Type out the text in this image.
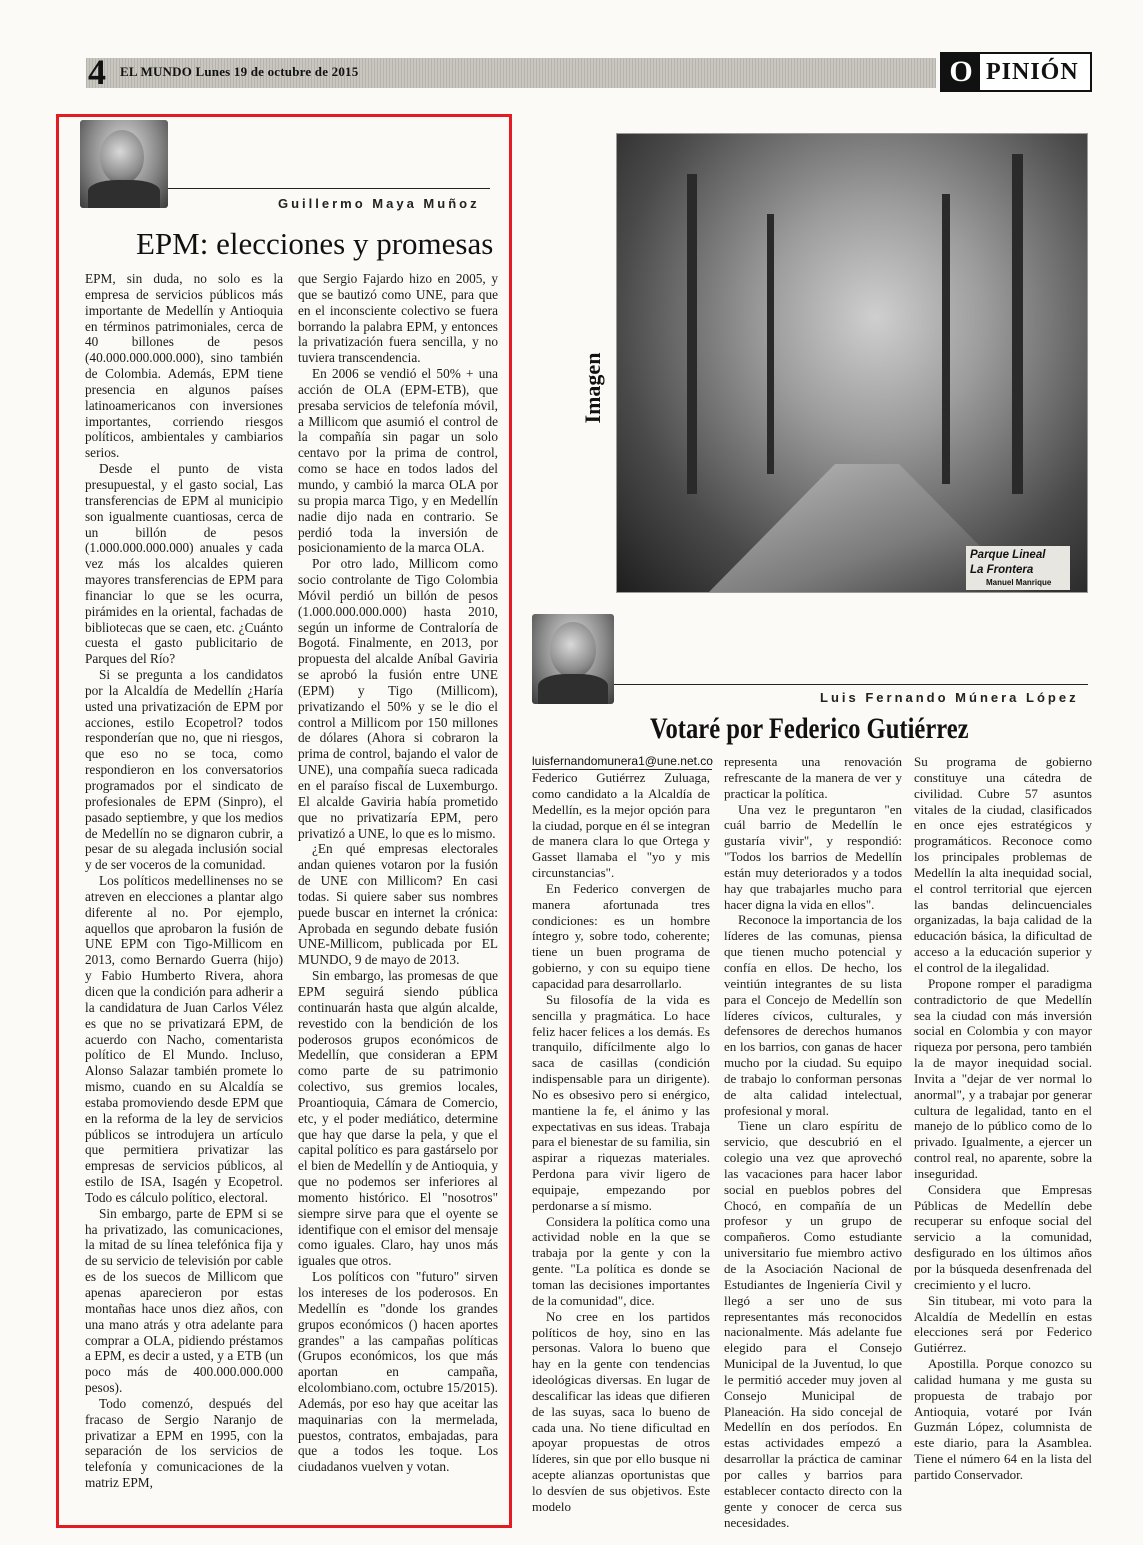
4 EL MUNDO Lunes 19 de octubre de 2015	O PINIÓN
Guillermo Maya Muñoz
EPM: elecciones y promesas

EPM, sin duda, no solo es la empresa de servicios públicos más importante de Medellín y Antioquia en términos patrimoniales, cerca de 40 billones de pesos (40.000.000.000.000), sino también de Colombia. Además, EPM tiene presencia en algunos países latinoamericanos con inversiones importantes, corriendo riesgos políticos, ambientales y cambiarios serios.

Desde el punto de vista presupuestal, y el gasto social, Las transferencias de EPM al municipio son igualmente cuantiosas, cerca de un billón de pesos (1.000.000.000.000) anuales y cada vez más los alcaldes quieren mayores transferencias de EPM para financiar lo que se les ocurra, pirámides en la oriental, fachadas de bibliotecas que se caen, etc. ¿Cuánto cuesta el gasto publicitario de Parques del Río?

Si se pregunta a los candidatos por la Alcaldía de Medellín ¿Haría usted una privatización de EPM por acciones, estilo Ecopetrol? todos responderían que no, que ni riesgos, que eso no se toca, como respondieron en los conversatorios programados por el sindicato de profesionales de EPM (Sinpro), el pasado septiembre, y que los medios de Medellín no se dignaron cubrir, a pesar de su alegada inclusión social y de ser voceros de la comunidad.

Los políticos medellinenses no se atreven en elecciones a plantar algo diferente al no. Por ejemplo, aquellos que aprobaron la fusión de UNE EPM con Tigo-Millicom en 2013, como Bernardo Guerra (hijo) y Fabio Humberto Rivera, ahora dicen que la condición para adherir a la candidatura de Juan Carlos Vélez es que no se privatizará EPM, de acuerdo con Nacho, comentarista político de El Mundo. Incluso, Alonso Salazar también promete lo mismo, cuando en su Alcaldía se estaba promoviendo desde EPM que en la reforma de la ley de servicios públicos se introdujera un artículo que permitiera privatizar las empresas de servicios públicos, al estilo de ISA, Isagén y Ecopetrol. Todo es cálculo político, electoral.

Sin embargo, parte de EPM si se ha privatizado, las comunicaciones, la mitad de su línea telefónica fija y de su servicio de televisión por cable es de los suecos de Millicom que apenas aparecieron por estas montañas hace unos diez años, con una mano atrás y otra adelante para comprar a OLA, pidiendo préstamos a EPM, es decir a usted, y a ETB (un poco más de 400.000.000.000 pesos).

Todo comenzó, después del fracaso de Sergio Naranjo de privatizar a EPM en 1995, con la separación de los servicios de telefonía y comunicaciones de la matriz EPM,

que Sergio Fajardo hizo en 2005, y que se bautizó como UNE, para que en el inconsciente colectivo se fuera borrando la palabra EPM, y entonces la privatización fuera sencilla, y no tuviera transcendencia.

En 2006 se vendió el 50% + una acción de OLA (EPM-ETB), que presaba servicios de telefonía móvil, a Millicom que asumió el control de la compañía sin pagar un solo centavo por la prima de control, como se hace en todos lados del mundo, y cambió la marca OLA por su propia marca Tigo, y en Medellín nadie dijo nada en contrario. Se perdió toda la inversión de posicionamiento de la marca OLA.

Por otro lado, Millicom como socio controlante de Tigo Colombia Móvil perdió un billón de pesos (1.000.000.000.000) hasta 2010, según un informe de Contraloría de Bogotá. Finalmente, en 2013, por propuesta del alcalde Aníbal Gaviria se aprobó la fusión entre UNE (EPM) y Tigo (Millicom), privatizando el 50% y se le dio el control a Millicom por 150 millones de dólares (Ahora si cobraron la prima de control, bajando el valor de UNE), una compañía sueca radicada en el paraíso fiscal de Luxemburgo. El alcalde Gaviria había prometido que no privatizaría EPM, pero privatizó a UNE, lo que es lo mismo.

¿En qué empresas electorales andan quienes votaron por la fusión de UNE con Millicom? En casi todas. Si quiere saber sus nombres puede buscar en internet la crónica: Aprobada en segundo debate fusión UNE-Millicom, publicada por EL MUNDO, 9 de mayo de 2013.

Sin embargo, las promesas de que EPM seguirá siendo pública continuarán hasta que algún alcalde, revestido con la bendición de los poderosos grupos económicos de Medellín, que consideran a EPM como parte de su patrimonio colectivo, sus gremios locales, Proantioquia, Cámara de Comercio, etc, y el poder mediático, determine que hay que darse la pela, y que el capital político es para gastárselo por el bien de Medellín y de Antioquia, y que no podemos ser inferiores al momento histórico. El "nosotros" siempre sirve para que el oyente se identifique con el emisor del mensaje como iguales. Claro, hay unos más iguales que otros.

Los políticos con "futuro" sirven los intereses de los poderosos. En Medellín es "donde los grandes grupos económicos () hacen aportes grandes" a las campañas políticas (Grupos económicos, los que más aportan en campaña, elcolombiano.com, octubre 15/2015). Además, por eso hay que aceitar las maquinarias con la mermelada, puestos, contratos, embajadas, para que a todos les toque. Los ciudadanos vuelven y votan.

Imagen
Parque Lineal
La Frontera
Manuel Manrique
Luis Fernando Múnera López
Votaré por Federico Gutiérrez
luisfernandomunera1@une.net.co

Federico Gutiérrez Zuluaga, como candidato a la Alcaldía de Medellín, es la mejor opción para la ciudad, porque en él se integran de manera clara lo que Ortega y Gasset llamaba el "yo y mis circunstancias".

En Federico convergen de manera afortunada tres condiciones: es un hombre íntegro y, sobre todo, coherente; tiene un buen programa de gobierno, y con su equipo tiene capacidad para desarrollarlo.

Su filosofía de la vida es sencilla y pragmática. Lo hace feliz hacer felices a los demás. Es tranquilo, difícilmente algo lo saca de casillas (condición indispensable para un dirigente). No es obsesivo pero si enérgico, mantiene la fe, el ánimo y las expectativas en sus ideas. Trabaja para el bienestar de su familia, sin aspirar a riquezas materiales. Perdona para vivir ligero de equipaje, empezando por perdonarse a sí mismo.

Considera la política como una actividad noble en la que se trabaja por la gente y con la gente. "La política es donde se toman las decisiones importantes de la comunidad", dice.

No cree en los partidos políticos de hoy, sino en las personas. Valora lo bueno que hay en la gente con tendencias ideológicas diversas. En lugar de descalificar las ideas que difieren de las suyas, saca lo bueno de cada una. No tiene dificultad en apoyar propuestas de otros líderes, sin que por ello busque ni acepte alianzas oportunistas que lo desvíen de sus objetivos. Este modelo

representa una renovación refrescante de la manera de ver y practicar la política.

Una vez le preguntaron "en cuál barrio de Medellín le gustaría vivir", y respondió: "Todos los barrios de Medellín están muy deteriorados y a todos hay que trabajarles mucho para hacer digna la vida en ellos".

Reconoce la importancia de los líderes de las comunas, piensa que tienen mucho potencial y confía en ellos. De hecho, los veintiún integrantes de su lista para el Concejo de Medellín son líderes cívicos, culturales, y defensores de derechos humanos en los barrios, con ganas de hacer mucho por la ciudad. Su equipo de trabajo lo conforman personas de alta calidad intelectual, profesional y moral.

Tiene un claro espíritu de servicio, que descubrió en el colegio una vez que aprovechó las vacaciones para hacer labor social en pueblos pobres del Chocó, en compañía de un profesor y un grupo de compañeros. Como estudiante universitario fue miembro activo de la Asociación Nacional de Estudiantes de Ingeniería Civil y llegó a ser uno de sus representantes más reconocidos nacionalmente. Más adelante fue elegido para el Consejo Municipal de la Juventud, lo que le permitió acceder muy joven al Consejo Municipal de Planeación. Ha sido concejal de Medellín en dos períodos. En estas actividades empezó a desarrollar la práctica de caminar por calles y barrios para establecer contacto directo con la gente y conocer de cerca sus necesidades.

Su programa de gobierno constituye una cátedra de civilidad. Cubre 57 asuntos vitales de la ciudad, clasificados en once ejes estratégicos y programáticos. Reconoce como los principales problemas de Medellín la alta inequidad social, el control territorial que ejercen las bandas delincuenciales organizadas, la baja calidad de la educación básica, la dificultad de acceso a la educación superior y el control de la ilegalidad.

Propone romper el paradigma contradictorio de que Medellín sea la ciudad con más inversión social en Colombia y con mayor riqueza por persona, pero también la de mayor inequidad social. Invita a "dejar de ver normal lo anormal", y a trabajar por generar cultura de legalidad, tanto en el manejo de lo público como de lo privado. Igualmente, a ejercer un control real, no aparente, sobre la inseguridad.

Considera que Empresas Públicas de Medellín debe recuperar su enfoque social del servicio a la comunidad, desfigurado en los últimos años por la búsqueda desenfrenada del crecimiento y el lucro.

Sin titubear, mi voto para la Alcaldía de Medellín en estas elecciones será por Federico Gutiérrez.

Apostilla. Porque conozco su calidad humana y me gusta su propuesta de trabajo por Antioquia, votaré por Iván Guzmán López, columnista de este diario, para la Asamblea. Tiene el número 64 en la lista del partido Conservador.
